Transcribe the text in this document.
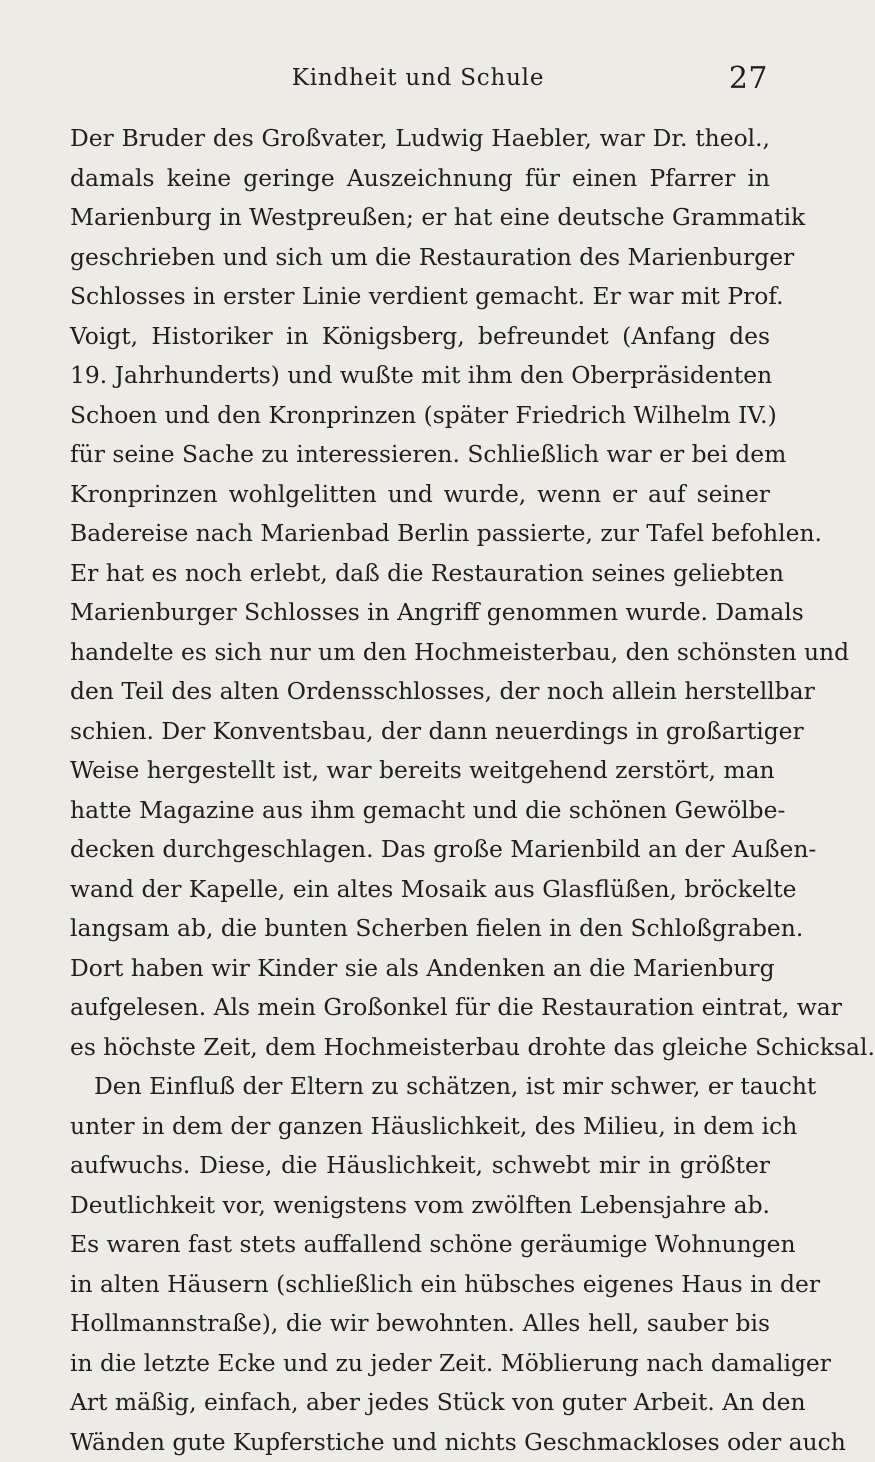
Kindheit und Schule	27
Der Bruder des Großvater, Ludwig Haebler, war Dr. theol.,
damals keine geringe Auszeichnung für einen Pfarrer in
Marienburg in Westpreußen; er hat eine deutsche Grammatik
geschrieben und sich um die Restauration des Marienburger
Schlosses in erster Linie verdient gemacht. Er war mit Prof.
Voigt, Historiker in Königsberg, befreundet (Anfang des
19. Jahrhunderts) und wußte mit ihm den Oberpräsidenten
Schoen und den Kronprinzen (später Friedrich Wilhelm IV.)
für seine Sache zu interessieren. Schließlich war er bei dem
Kronprinzen wohlgelitten und wurde, wenn er auf seiner
Badereise nach Marienbad Berlin passierte, zur Tafel befohlen.
Er hat es noch erlebt, daß die Restauration seines geliebten
Marienburger Schlosses in Angriff genommen wurde. Damals
handelte es sich nur um den Hochmeisterbau, den schönsten und
den Teil des alten Ordensschlosses, der noch allein herstellbar
schien. Der Konventsbau, der dann neuerdings in großartiger
Weise hergestellt ist, war bereits weitgehend zerstört, man
hatte Magazine aus ihm gemacht und die schönen Gewölbe-
decken durchgeschlagen. Das große Marienbild an der Außen-
wand der Kapelle, ein altes Mosaik aus Glasflüßen, bröckelte
langsam ab, die bunten Scherben fielen in den Schloßgraben.
Dort haben wir Kinder sie als Andenken an die Marienburg
aufgelesen. Als mein Großonkel für die Restauration eintrat, war
es höchste Zeit, dem Hochmeisterbau drohte das gleiche Schicksal.
Den Einfluß der Eltern zu schätzen, ist mir schwer, er taucht
unter in dem der ganzen Häuslichkeit, des Milieu, in dem ich
aufwuchs. Diese, die Häuslichkeit, schwebt mir in größter
Deutlichkeit vor, wenigstens vom zwölften Lebensjahre ab.
Es waren fast stets auffallend schöne geräumige Wohnungen
in alten Häusern (schließlich ein hübsches eigenes Haus in der
Hollmannstraße), die wir bewohnten. Alles hell, sauber bis
in die letzte Ecke und zu jeder Zeit. Möblierung nach damaliger
Art mäßig, einfach, aber jedes Stück von guter Arbeit. An den
Wänden gute Kupferstiche und nichts Geschmackloses oder auch
